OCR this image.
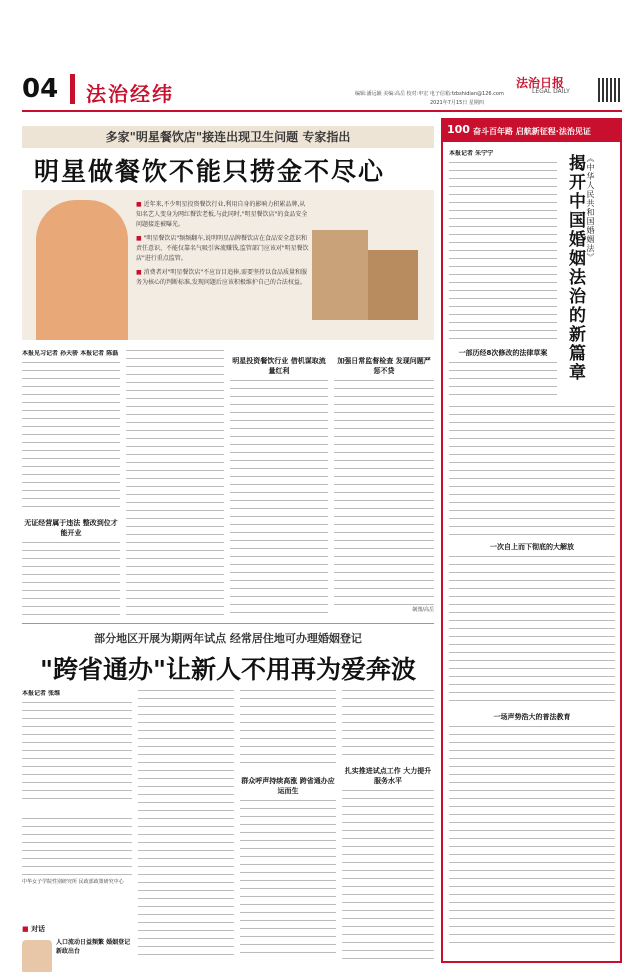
04 法治经纬	编辑:潘远颖 美编:高岳 校对:申宏 电子信箱:fzbshidian@126.com
法治日报
LEGAL DAILY
2021年7月15日 星期四
多家"明星餐饮店"接连出现卫生问题 专家指出
明星做餐饮不能只捞金不尽心

■ 近年来,不少明星投资餐饮行业,利用自身的影响力积累品牌,从知名艺人变身为网红餐饮老板,与此同时,"明星餐饮店"的食品安全问题接连被曝光。

■ "明星餐饮店"频频翻车,说明明星品牌餐饮店在食品安全意识和责任意识、不能仅靠名气吸引客流赚钱,监管部门应该对"明星餐饮店"进行重点监管。

■ 消费者对"明星餐饮店"不应盲目追捧,需要坚持以食品质量和服务为核心的判断标准,发现问题后应该积极维护自己的合法权益。

本报见习记者 孙天骄 本报记者 陈磊
无证经营属于违法 整改到位才能开业
明星投资餐饮行业 借机谋取流量红利
加强日常监督检查 发现问题严惩不贷
制图/高岳
部分地区开展为期两年试点 经常居住地可办理婚姻登记
"跨省通办"让新人不用再为爱奔波
本报记者 张维
中华女子学院性别研究所 民政部政策研究中心
■ 对话
人口流动日益频繁 婚姻登记新政出台
群众呼声持续高涨 跨省通办应运而生
扎实推进试点工作 大力提升服务水平
100 奋斗百年路 启航新征程·法治见证
本报记者 朱宁宁
一部历经8次修改的法律草案
《中华人民共和国婚姻法》
揭开中国婚姻法治的新篇章
一次自上而下彻底的大解放
一场声势浩大的普法教育
